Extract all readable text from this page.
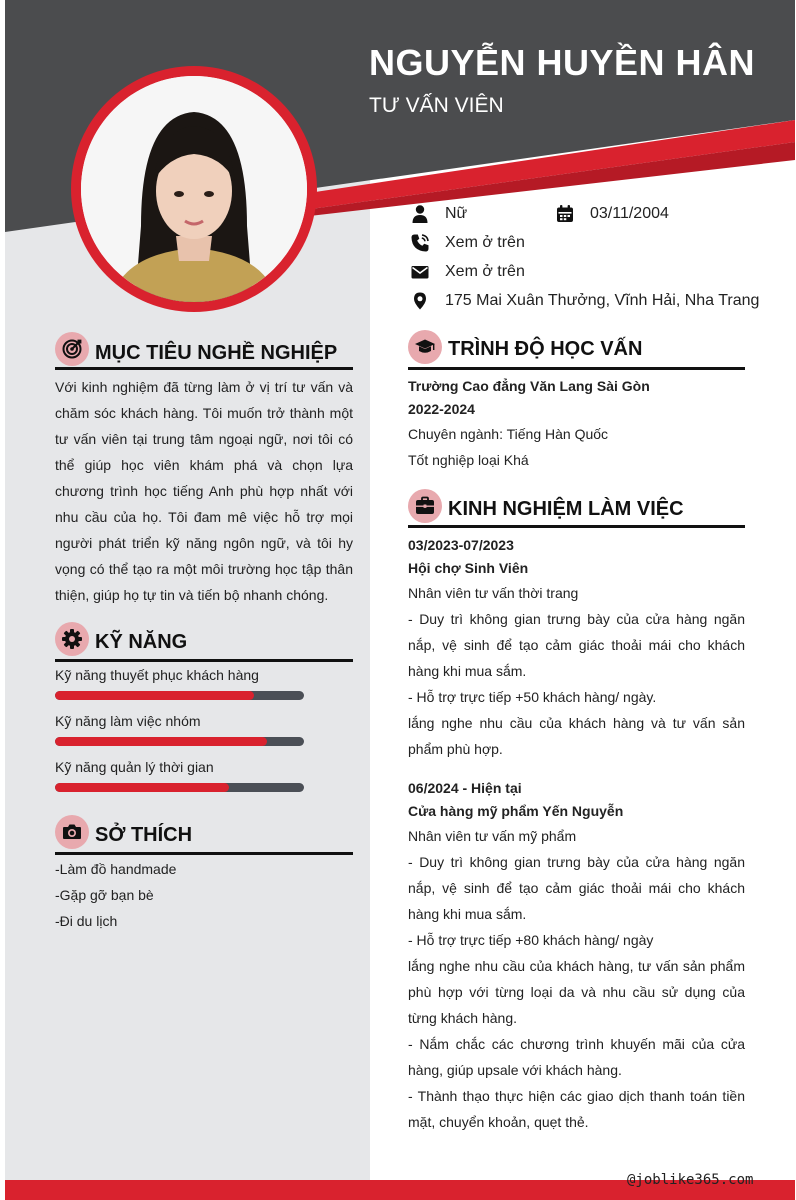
NGUYỄN HUYỀN HÂN
TƯ VẤN VIÊN
Nữ	03/11/2004
Xem ở trên
Xem ở trên
175 Mai Xuân Thưởng, Vĩnh Hải, Nha Trang
MỤC TIÊU NGHỀ NGHIỆP
Với kinh nghiệm đã từng làm ở vị trí tư vấn và chăm sóc khách hàng. Tôi muốn trở thành một tư vấn viên tại trung tâm ngoại ngữ, nơi tôi có thể giúp học viên khám phá và chọn lựa chương trình học tiếng Anh phù hợp nhất với nhu cầu của họ. Tôi đam mê việc hỗ trợ mọi người phát triển kỹ năng ngôn ngữ, và tôi hy vọng có thể tạo ra một môi trường học tập thân thiện, giúp họ tự tin và tiến bộ nhanh chóng.
KỸ NĂNG
Kỹ năng thuyết phục khách hàng
Kỹ năng làm việc nhóm
Kỹ năng quản lý thời gian
SỞ THÍCH
-Làm đồ handmade
-Gặp gỡ bạn bè
-Đi du lịch
TRÌNH ĐỘ HỌC VẤN
Trường Cao đẳng Văn Lang Sài Gòn
2022-2024
Chuyên ngành: Tiếng Hàn Quốc
Tốt nghiệp loại Khá
KINH NGHIỆM LÀM VIỆC
03/2023-07/2023
Hội chợ Sinh Viên
Nhân viên tư vấn thời trang
- Duy trì không gian trưng bày của cửa hàng ngăn nắp, vệ sinh để tạo cảm giác thoải mái cho khách hàng khi mua sắm.
- Hỗ trợ trực tiếp +50 khách hàng/ ngày.
lắng nghe nhu cầu của khách hàng và tư vấn sản phẩm phù hợp.
06/2024 - Hiện tại
Cửa hàng mỹ phẩm Yến Nguyễn
Nhân viên tư vấn mỹ phẩm
- Duy trì không gian trưng bày của cửa hàng ngăn nắp, vệ sinh để tạo cảm giác thoải mái cho khách hàng khi mua sắm.
- Hỗ trợ trực tiếp +80 khách hàng/ ngày
lắng nghe nhu cầu của khách hàng, tư vấn sản phẩm phù hợp với từng loại da và nhu cầu sử dụng của từng khách hàng.
- Nắm chắc các chương trình khuyến mãi của cửa hàng, giúp upsale với khách hàng.
- Thành thạo thực hiện các giao dịch thanh toán tiền mặt, chuyển khoản, quẹt thẻ.
@joblike365.com
